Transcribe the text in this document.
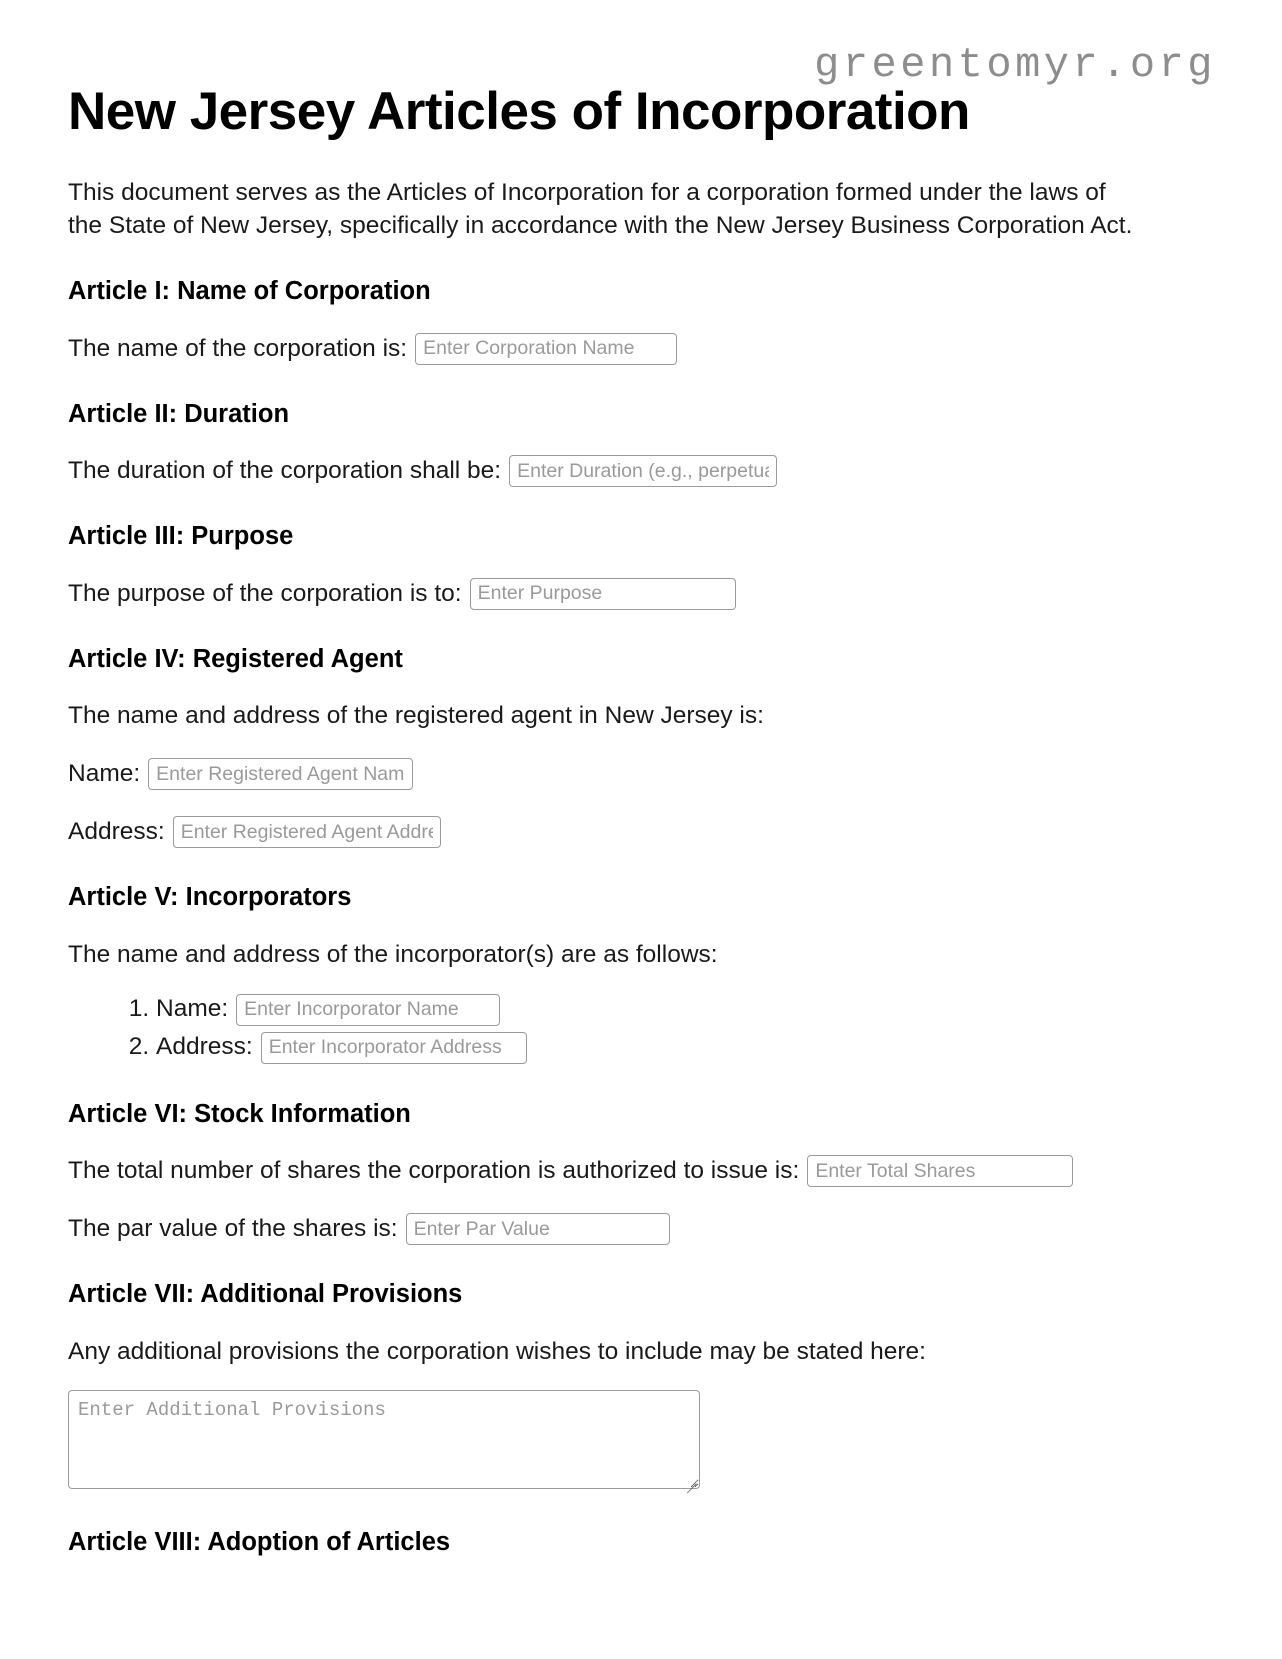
greentomyr.org
New Jersey Articles of Incorporation

This document serves as the Articles of Incorporation for a corporation formed under the laws of the State of New Jersey, specifically in accordance with the New Jersey Business Corporation Act.

Article I: Name of Corporation

The name of the corporation is:
Enter Corporation Name

Article II: Duration

The duration of the corporation shall be:
Enter Duration (e.g., perpetual)

Article III: Purpose

The purpose of the corporation is to:
Enter Purpose

Article IV: Registered Agent

The name and address of the registered agent in New Jersey is:

Name:
Enter Registered Agent Name

Address:
Enter Registered Agent Address

Article V: Incorporators

The name and address of the incorporator(s) are as follows:

1. Name:
Enter Incorporator Name
2. Address:
Enter Incorporator Address
Article VI: Stock Information

The total number of shares the corporation is authorized to issue is:
Enter Total Shares

The par value of the shares is:
Enter Par Value

Article VII: Additional Provisions

Any additional provisions the corporation wishes to include may be stated here:

Enter Additional Provisions
Article VIII: Adoption of Articles
